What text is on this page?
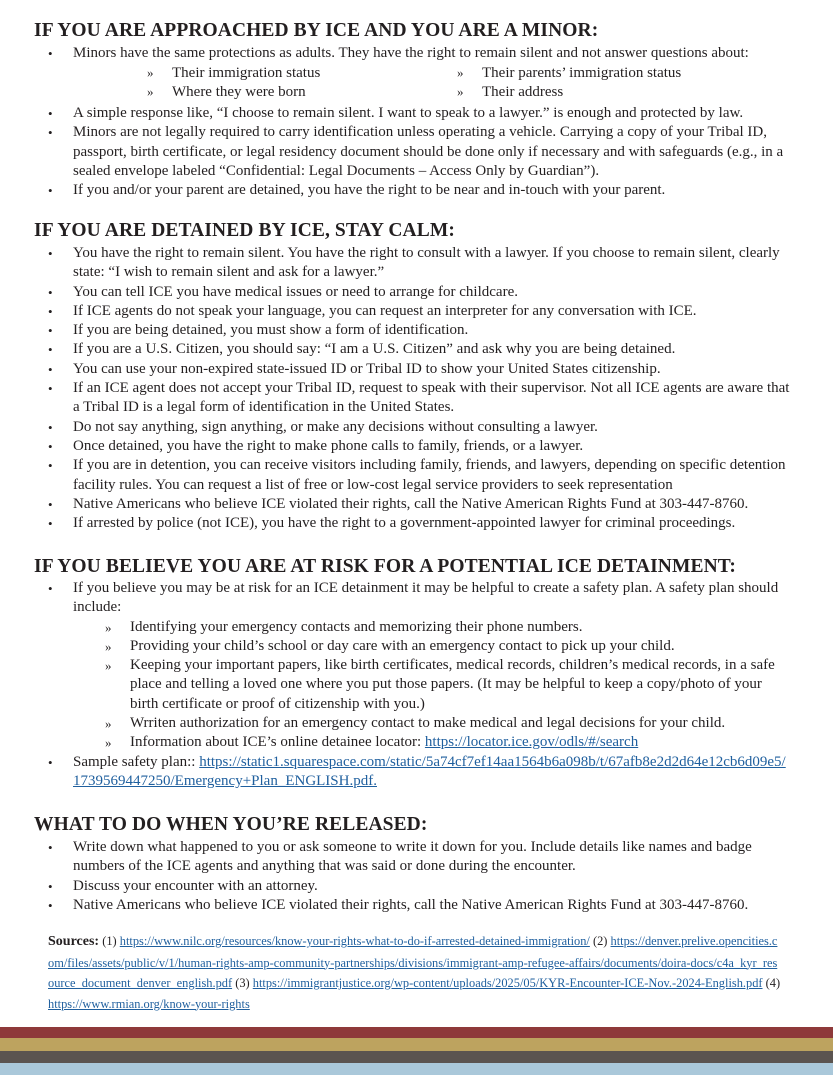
IF YOU ARE APPROACHED BY ICE AND YOU ARE A MINOR:
• Minors have the same protections as adults. They have the right to remain silent and not answer questions about:
» Their immigration status	» Their parents’ immigration status
» Where they were born	» Their address
• A simple response like, “I choose to remain silent. I want to speak to a lawyer.” is enough and protected by law.
• Minors are not legally required to carry identification unless operating a vehicle. Carrying a copy of your Tribal ID, passport, birth certificate, or legal residency document should be done only if necessary and with safeguards (e.g., in a sealed envelope labeled “Confidential: Legal Documents – Access Only by Guardian”).
• If you and/or your parent are detained, you have the right to be near and in-touch with your parent.
IF YOU ARE DETAINED BY ICE, STAY CALM:
• You have the right to remain silent. You have the right to consult with a lawyer. If you choose to remain silent, clearly state: “I wish to remain silent and ask for a lawyer.”
• You can tell ICE you have medical issues or need to arrange for childcare.
• If ICE agents do not speak your language, you can request an interpreter for any conversation with ICE.
• If you are being detained, you must show a form of identification.
• If you are a U.S. Citizen, you should say: “I am a U.S. Citizen” and ask why you are being detained.
• You can use your non-expired state-issued ID or Tribal ID to show your United States citizenship.
• If an ICE agent does not accept your Tribal ID, request to speak with their supervisor. Not all ICE agents are aware that a Tribal ID is a legal form of identification in the United States.
• Do not say anything, sign anything, or make any decisions without consulting a lawyer.
• Once detained, you have the right to make phone calls to family, friends, or a lawyer.
• If you are in detention, you can receive visitors including family, friends, and lawyers, depending on specific detention facility rules. You can request a list of free or low-cost legal service providers to seek representation
• Native Americans who believe ICE violated their rights, call the Native American Rights Fund at 303-447-8760.
• If arrested by police (not ICE), you have the right to a government-appointed lawyer for criminal proceedings.
IF YOU BELIEVE YOU ARE AT RISK FOR A POTENTIAL ICE DETAINMENT:
• If you believe you may be at risk for an ICE detainment it may be helpful to create a safety plan. A safety plan should include:
» Identifying your emergency contacts and memorizing their phone numbers.
» Providing your child’s school or day care with an emergency contact to pick up your child.
» Keeping your important papers, like birth certificates, medical records, children’s medical records, in a safe place and telling a loved one where you put those papers. (It may be helpful to keep a copy/photo of your birth certificate or proof of citizenship with you.)
» Wrriten authorization for an emergency contact to make medical and legal decisions for your child.
» Information about ICE’s online detainee locator: https://locator.ice.gov/odls/#/search
• Sample safety plan:: https://static1.squarespace.com/static/5a74cf7ef14aa1564b6a098b/t/67afb8e2d2d64e12cb6d09e5/1739569447250/Emergency+Plan_ENGLISH.pdf.
WHAT TO DO WHEN YOU’RE RELEASED:
• Write down what happened to you or ask someone to write it down for you. Include details like names and badge numbers of the ICE agents and anything that was said or done during the encounter.
• Discuss your encounter with an attorney.
• Native Americans who believe ICE violated their rights, call the Native American Rights Fund at 303-447-8760.
Sources: (1) https://www.nilc.org/resources/know-your-rights-what-to-do-if-arrested-detained-immigration/ (2) https://denver.prelive.opencities.com/files/assets/public/v/1/human-rights-amp-community-partnerships/divisions/immigrant-amp-refugee-affairs/documents/doira-docs/c4a_kyr_resource_document_denver_english.pdf (3) https://immigrantjustice.org/wp-content/uploads/2025/05/KYR-Encounter-ICE-Nov.-2024-English.pdf (4) https://www.rmian.org/know-your-rights
